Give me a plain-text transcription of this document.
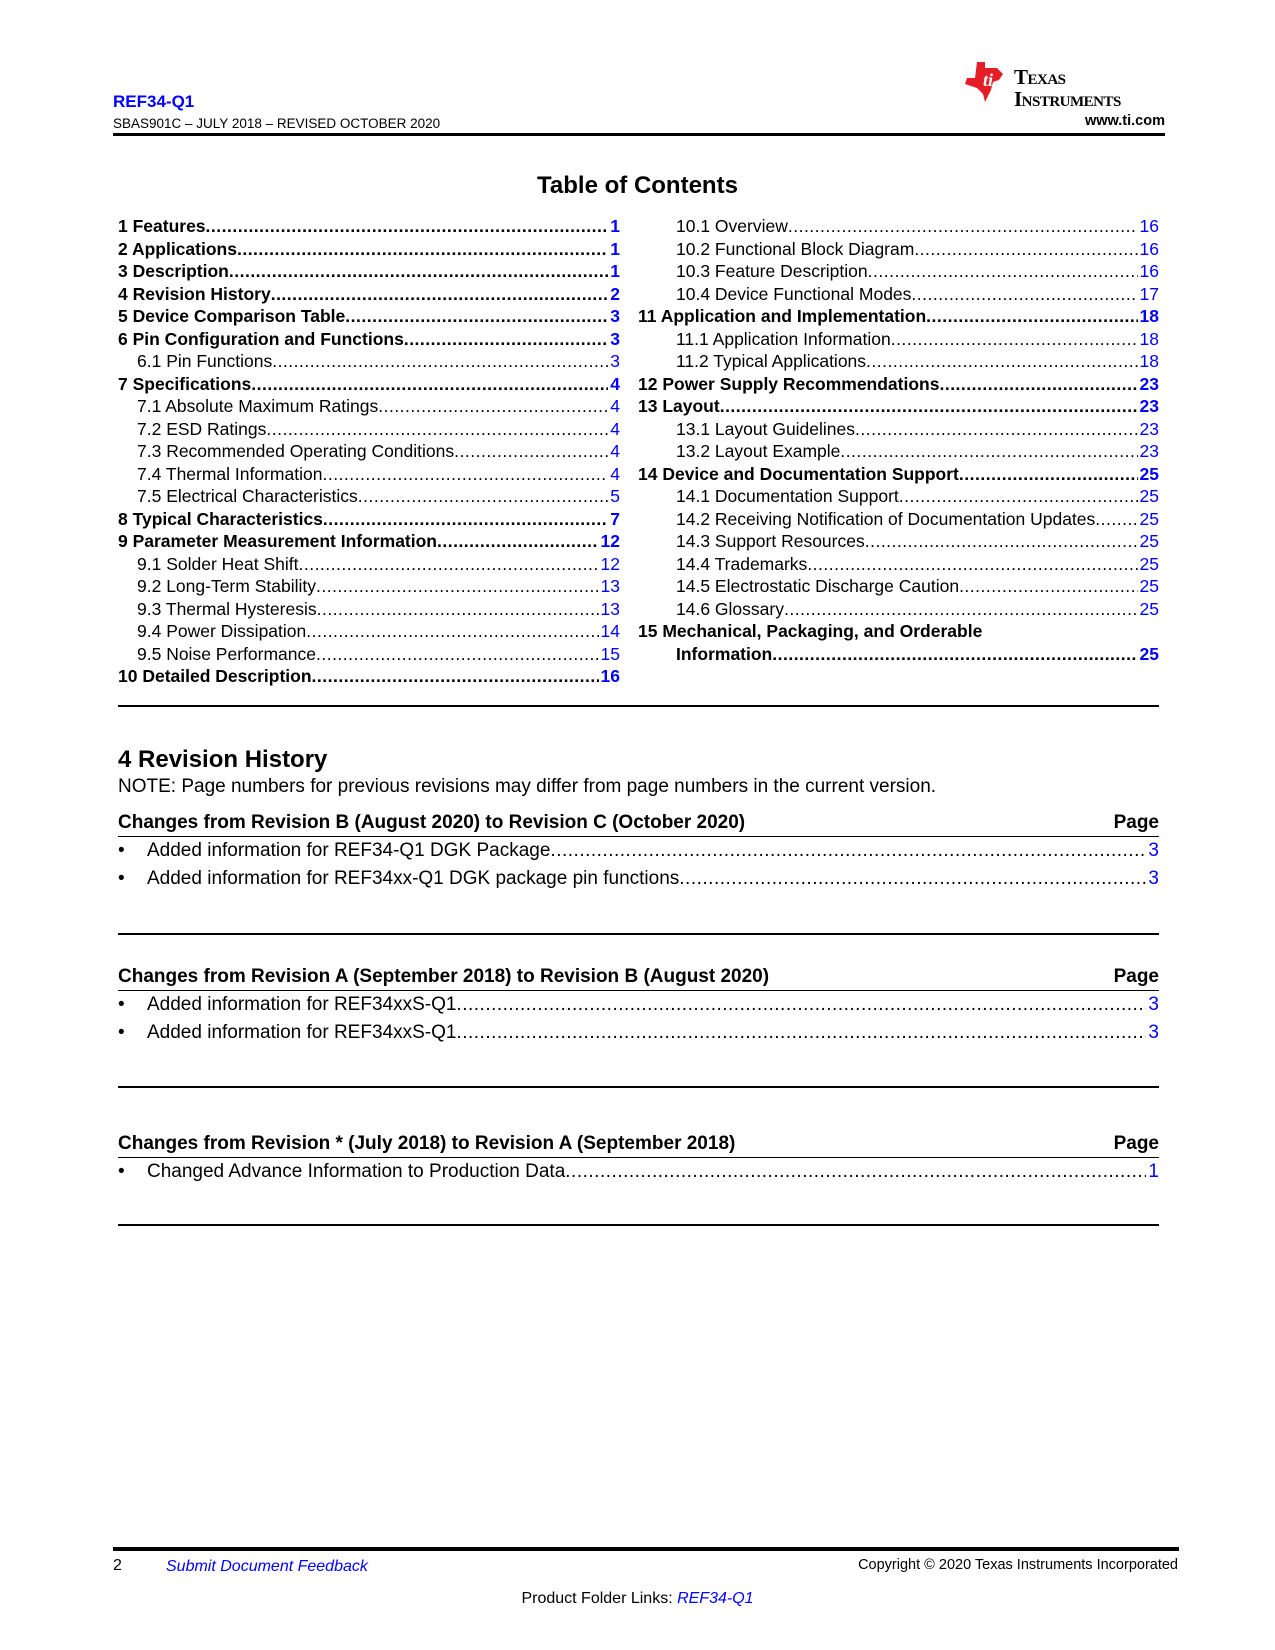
REF34-Q1
SBAS901C – JULY 2018 – REVISED OCTOBER 2020
ti Texas
Instruments
www.ti.com
Table of Contents
1 Features .....	1
2 Applications .....	1
3 Description .....	1
4 Revision History .....	2
5 Device Comparison Table .....	3
6 Pin Configuration and Functions .....	3
6.1 Pin Functions .....	3
7 Specifications .....	4
7.1 Absolute Maximum Ratings .....	4
7.2 ESD Ratings .....	4
7.3 Recommended Operating Conditions .....	4
7.4 Thermal Information .....	4
7.5 Electrical Characteristics .....	5
8 Typical Characteristics .....	7
9 Parameter Measurement Information .....	12
9.1 Solder Heat Shift .....	12
9.2 Long-Term Stability .....	13
9.3 Thermal Hysteresis .....	13
9.4 Power Dissipation .....	14
9.5 Noise Performance .....	15
10 Detailed Description .....	16
10.1 Overview .....	16
10.2 Functional Block Diagram .....	16
10.3 Feature Description .....	16
10.4 Device Functional Modes .....	17
11 Application and Implementation .....	18
11.1 Application Information .....	18
11.2 Typical Applications .....	18
12 Power Supply Recommendations .....	23
13 Layout .....	23
13.1 Layout Guidelines .....	23
13.2 Layout Example .....	23
14 Device and Documentation Support .....	25
14.1 Documentation Support .....	25
14.2 Receiving Notification of Documentation Updates .....	25
14.3 Support Resources .....	25
14.4 Trademarks .....	25
14.5 Electrostatic Discharge Caution .....	25
14.6 Glossary .....	25
15 Mechanical, Packaging, and Orderable
Information .....	25
4 Revision History
NOTE: Page numbers for previous revisions may differ from page numbers in the current version.
Changes from Revision B (August 2020) to Revision C (October 2020)	Page
•	Added information for REF34-Q1 DGK Package .....	3
•	Added information for REF34xx-Q1 DGK package pin functions .....	3
Changes from Revision A (September 2018) to Revision B (August 2020)	Page
•	Added information for REF34xxS-Q1 .....	3
•	Added information for REF34xxS-Q1 .....	3
Changes from Revision * (July 2018) to Revision A (September 2018)	Page
•	Changed Advance Information to Production Data .....	1
2	Submit Document Feedback	Copyright © 2020 Texas Instruments Incorporated
Product Folder Links: REF34-Q1
